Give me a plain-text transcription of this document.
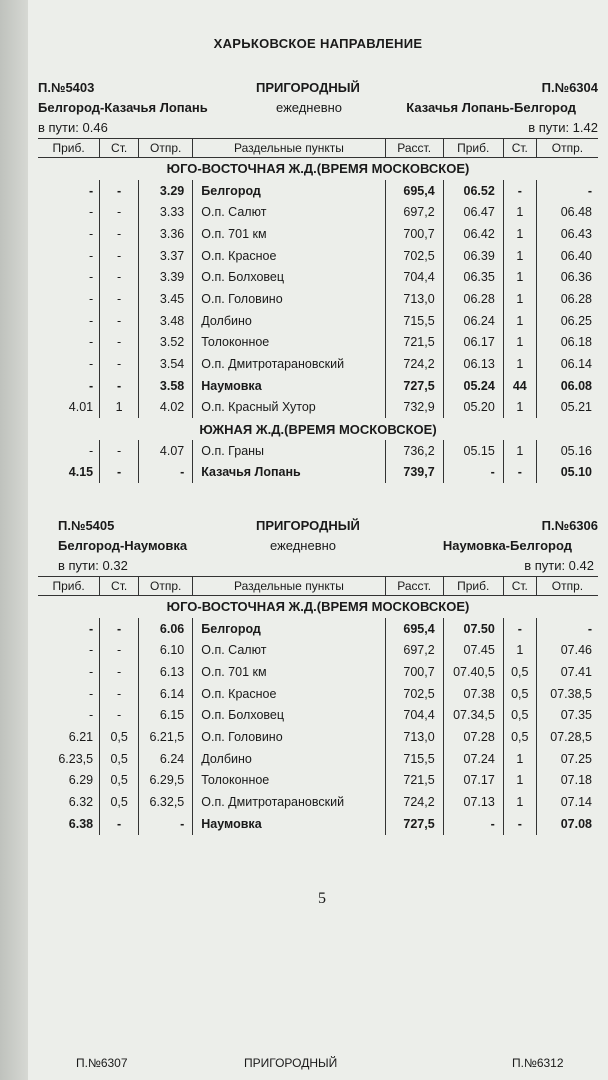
ХАРЬКОВСКОЕ НАПРАВЛЕНИЕ
П.№5403	ПРИГОРОДНЫЙ	П.№6304
Белгород-Казачья Лопань	ежедневно	Казачья Лопань-Белгород
в пути: 0.46	в пути: 1.42
Приб.	Ст.	Отпр.	Раздельные пункты	Расст.	Приб.	Ст.	Отпр.
ЮГО-ВОСТОЧНАЯ Ж.Д.(ВРЕМЯ МОСКОВСКОЕ)							
-	-	3.29	Белгород	695,4	06.52	-	-
-	-	3.33	О.п. Салют	697,2	06.47	1	06.48
-	-	3.36	О.п. 701 км	700,7	06.42	1	06.43
-	-	3.37	О.п. Красное	702,5	06.39	1	06.40
-	-	3.39	О.п. Болховец	704,4	06.35	1	06.36
-	-	3.45	О.п. Головино	713,0	06.28	1	06.28
-	-	3.48	Долбино	715,5	06.24	1	06.25
-	-	3.52	Толоконное	721,5	06.17	1	06.18
-	-	3.54	О.п. Дмитротарановский	724,2	06.13	1	06.14
-	-	3.58	Наумовка	727,5	05.24	44	06.08
4.01	1	4.02	О.п. Красный Хутор	732,9	05.20	1	05.21
ЮЖНАЯ Ж.Д.(ВРЕМЯ МОСКОВСКОЕ)							
-	-	4.07	О.п. Граны	736,2	05.15	1	05.16
4.15	-	-	Казачья Лопань	739,7	-	-	05.10
П.№5405	ПРИГОРОДНЫЙ	П.№6306
Белгород-Наумовка	ежедневно	Наумовка-Белгород
в пути: 0.32	в пути: 0.42
Приб.	Ст.	Отпр.	Раздельные пункты	Расст.	Приб.	Ст.	Отпр.
ЮГО-ВОСТОЧНАЯ Ж.Д.(ВРЕМЯ МОСКОВСКОЕ)							
-	-	6.06	Белгород	695,4	07.50	-	-
-	-	6.10	О.п. Салют	697,2	07.45	1	07.46
-	-	6.13	О.п. 701 км	700,7	07.40,5	0,5	07.41
-	-	6.14	О.п. Красное	702,5	07.38	0,5	07.38,5
-	-	6.15	О.п. Болховец	704,4	07.34,5	0,5	07.35
6.21	0,5	6.21,5	О.п. Головино	713,0	07.28	0,5	07.28,5
6.23,5	0,5	6.24	Долбино	715,5	07.24	1	07.25
6.29	0,5	6.29,5	Толоконное	721,5	07.17	1	07.18
6.32	0,5	6.32,5	О.п. Дмитротарановский	724,2	07.13	1	07.14
6.38	-	-	Наумовка	727,5	-	-	07.08
5
П.№6307	ПРИГОРОДНЫЙ	П.№6312
